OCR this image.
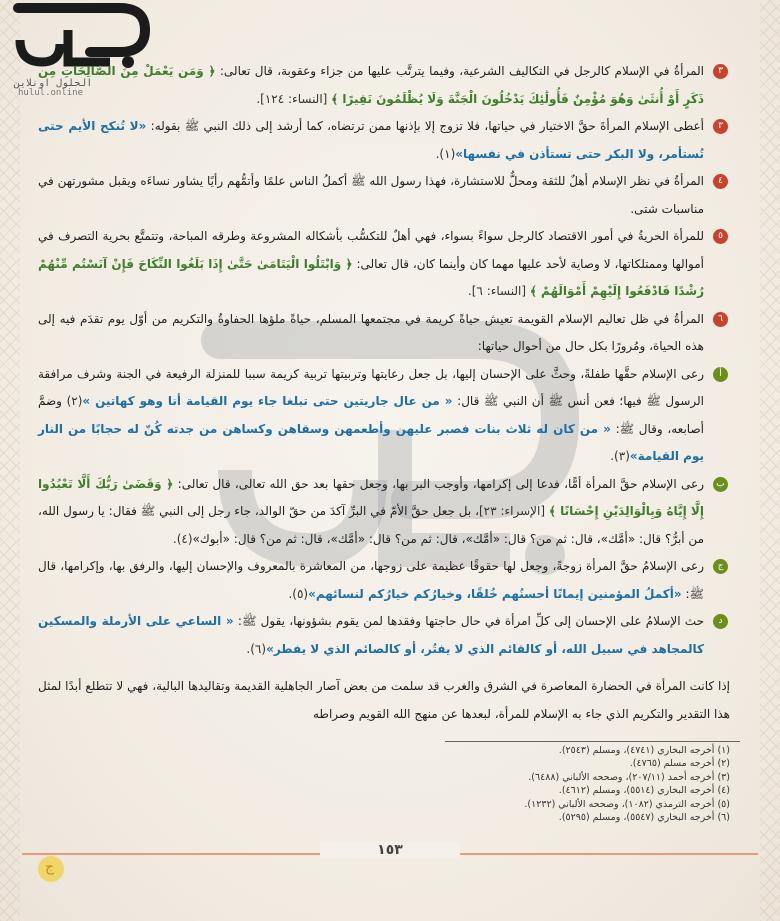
الحلول اونلاين
hulul.online

٣
المرأةُ في الإسلام كالرجل في التكاليف الشرعية، وفيما يترتَّب عليها من جزاء وعقوبة، قال تعالى: ﴿ وَمَن يَعْمَلْ مِنَ الصَّالِحَاتِ مِن ذَكَرٍ أَوْ أُنثَىٰ وَهُوَ مُؤْمِنٌ فَأُولَٰئِكَ يَدْخُلُونَ الْجَنَّةَ وَلَا يُظْلَمُونَ نَقِيرًا ﴾ [النساء: ١٢٤].

٣
أعطى الإسلام المرأةَ حقَّ الاختيار في حياتها، فلا تزوج إلا بإذنها ممن ترتضاه، كما أرشد إلى ذلك النبي ﷺ بقوله: «لا تُنكح الأيم حتى تُستأمر، ولا البكر حتى تستأذن في نفسها»(١).

٤
المرأةُ في نظر الإسلام أهلٌ للثقة ومحلٌّ للاستشارة، فهذا رسول الله ﷺ أكملُ الناس علمًا وأتمُّهم رأيًا يشاور نساءَه ويقبل مشورتهن في مناسبات شتى.

٥
للمرأة الحريةُ في أمور الاقتصاد كالرجل سواءً بسواء، فهي أهلٌ للتكسُّب بأشكاله المشروعة وطرقه المباحة، وتتمتَّع بحرية التصرف في أموالها وممتلكاتها، لا وصاية لأحد عليها مهما كان وأينما كان، قال تعالى: ﴿ وَابْتَلُوا الْيَتَامَىٰ حَتَّىٰ إِذَا بَلَغُوا النِّكَاحَ فَإِنْ آنَسْتُم مِّنْهُمْ رُشْدًا فَادْفَعُوا إِلَيْهِمْ أَمْوَالَهُمْ ﴾ [النساء: ٦].

٦
المرأةُ في ظل تعاليم الإسلام القويمة تعيش حياةً كريمة في مجتمعها المسلم، حياةً ملؤها الحفاوةُ والتكريم من أوّل يوم تقدَم فيه إلى هذه الحياة، ومُرورًا بكل حال من أحوال حياتها:

أ
رعى الإسلام حقَّها طفلةً، وحثَّ على الإحسان إليها، بل جعل رعايتها وتربيتها تربية كريمة سببا للمنزلة الرفيعة في الجنة وشرف مرافقة الرسول ﷺ فيها؛ فعن أنس ﷺ أن النبي ﷺ قال: « من عال جاريتين حتى تبلغا جاء يوم القيامة أنا وهو كهاتين »(٢) وضمَّ أصابعه، وقال ﷺ: « من كان له ثلاث بنات فصبر عليهن وأطعمهن وسقاهن وكساهن من جدته كُنّ له حجابًا من النار يوم القيامة»(٣).

ب
رعى الإسلام حقَّ المرأة أمًّا، فدعا إلى إكرامها، وأوجب البر بها، وجعل حقها بعد حق الله تعالى، قال تعالى: ﴿ وَقَضَىٰ رَبُّكَ أَلَّا تَعْبُدُوا إِلَّا إِيَّاهُ وَبِالْوَالِدَيْنِ إِحْسَانًا ﴾ [الإسراء: ٢٣]، بل جعل حقَّ الأمّ في البرِّ آكدَ من حقّ الوالد، جاء رجل إلى النبي ﷺ فقال: يا رسول الله، من أبرُّ؟ قال: «أمَّك»، قال: ثم من؟ قال: «أمَّك»، قال: ثم من؟ قال: «أمَّك»، قال: ثم من؟ قال: «أبوك»(٤).

ج
رعى الإسلامُ حقَّ المرأة زوجةً، وجعل لها حقوقًا عظيمة على زوجها، من المعاشرة بالمعروف والإحسان إليها، والرفق بها، وإكرامها، قال ﷺ: «أكملُ المؤمنين إيمانًا أحسنُهم خُلقًا، وخيارُكم خيارُكم لنسائهم»(٥).

د
حث الإسلامُ على الإحسان إلى كلِّ امرأة في حال حاجتها وفقدها لمن يقوم بشؤونها، يقول ﷺ: « الساعي على الأرملة والمسكين كالمجاهد في سبيل الله، أو كالقائم الذي لا يفتُر، أو كالصائم الذي لا يفطر»(٦).

إذا كانت المرأة في الحضارة المعاصرة في الشرق والغرب قد سلمت من بعض آصار الجاهلية القديمة وتقاليدها البالية، فهي لا تتطلع أبدًا لمثل هذا التقدير والتكريم الذي جاء به الإسلام للمرأة، لبعدها عن منهج الله القويم وصراطه

(١) أخرجه البخاري (٤٧٤١)، ومسلم (٢٥٤٣).
(٢) أخرجه مسلم (٤٧٦٥).
(٣) أخرجه أحمد (٢٠٧/١١)، وصححه الألباني (٦٤٨٨).
(٤) أخرجه البخاري (٥٥١٤)، ومسلم (٤٦١٢).
(٥) أخرجه الترمذي (١٠٨٢)، وصححه الألباني (١٢٣٢).
(٦) أخرجه البخاري (٥٥٤٧)، ومسلم (٥٢٩٥).
١٥٣
ج
